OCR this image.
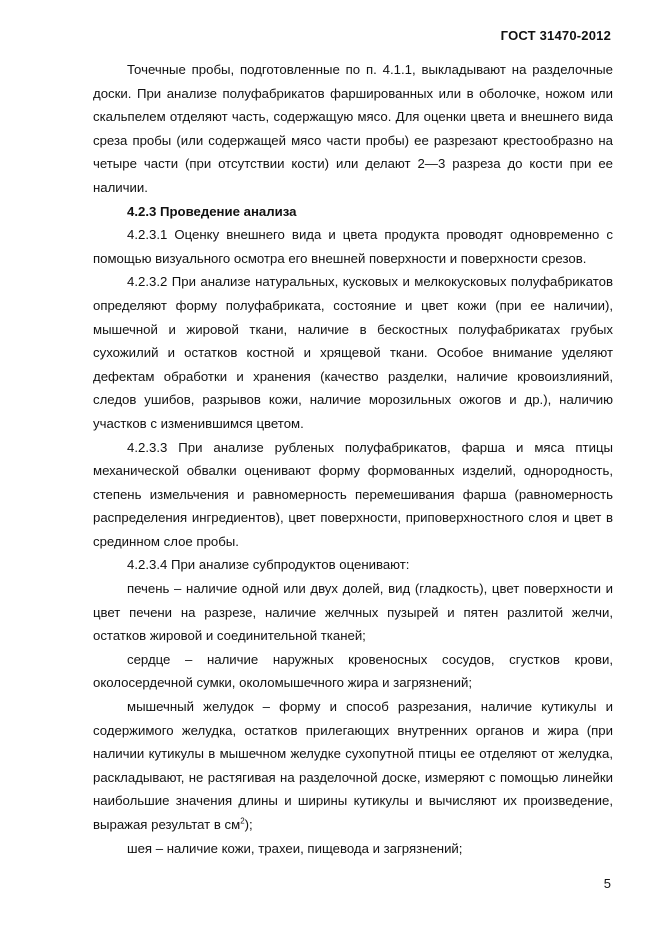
ГОСТ 31470-2012

Точечные пробы, подготовленные по п. 4.1.1, выкладывают на разделочные доски. При анализе полуфабрикатов фаршированных или в оболочке, ножом или скальпелем отделяют часть, содержащую мясо. Для оценки цвета и внешнего вида среза пробы (или содержащей мясо части пробы) ее разрезают крестообразно на четыре части (при отсутствии кости) или делают 2—3 разреза до кости при ее наличии.

4.2.3 Проведение анализа

4.2.3.1 Оценку внешнего вида и цвета продукта проводят одновременно с помощью визуального осмотра его внешней поверхности и поверхности срезов.

4.2.3.2 При анализе натуральных, кусковых и мелкокусковых полуфабрикатов определяют форму полуфабриката, состояние и цвет кожи (при ее наличии), мышечной и жировой ткани, наличие в бескостных полуфабрикатах грубых сухожилий и остатков костной и хрящевой ткани. Особое внимание уделяют дефектам обработки и хранения (качество разделки, наличие кровоизлияний, следов ушибов, разрывов кожи, наличие морозильных ожогов и др.), наличию участков с изменившимся цветом.

4.2.3.3 При анализе рубленых полуфабрикатов, фарша и мяса птицы механической обвалки оценивают форму формованных изделий, однородность, степень измельчения и равномерность перемешивания фарша (равномерность распределения ингредиентов), цвет поверхности, приповерхностного слоя и цвет в срединном слое пробы.

4.2.3.4 При анализе субпродуктов оценивают:

печень – наличие одной или двух долей, вид (гладкость), цвет поверхности и цвет печени на разрезе, наличие желчных пузырей и пятен разлитой желчи, остатков жировой и соединительной тканей;

сердце – наличие наружных кровеносных сосудов, сгустков крови, околосердечной сумки, околомышечного жира и загрязнений;

мышечный желудок – форму и способ разрезания, наличие кутикулы и содержимого желудка, остатков прилегающих внутренних органов и жира (при наличии кутикулы в мышечном желудке сухопутной птицы ее отделяют от желудка, раскладывают, не растягивая на разделочной доске, измеряют с помощью линейки наибольшие значения длины и ширины кутикулы и вычисляют их произведение, выражая результат в $см^2$);

шея – наличие кожи, трахеи, пищевода и загрязнений;

5
